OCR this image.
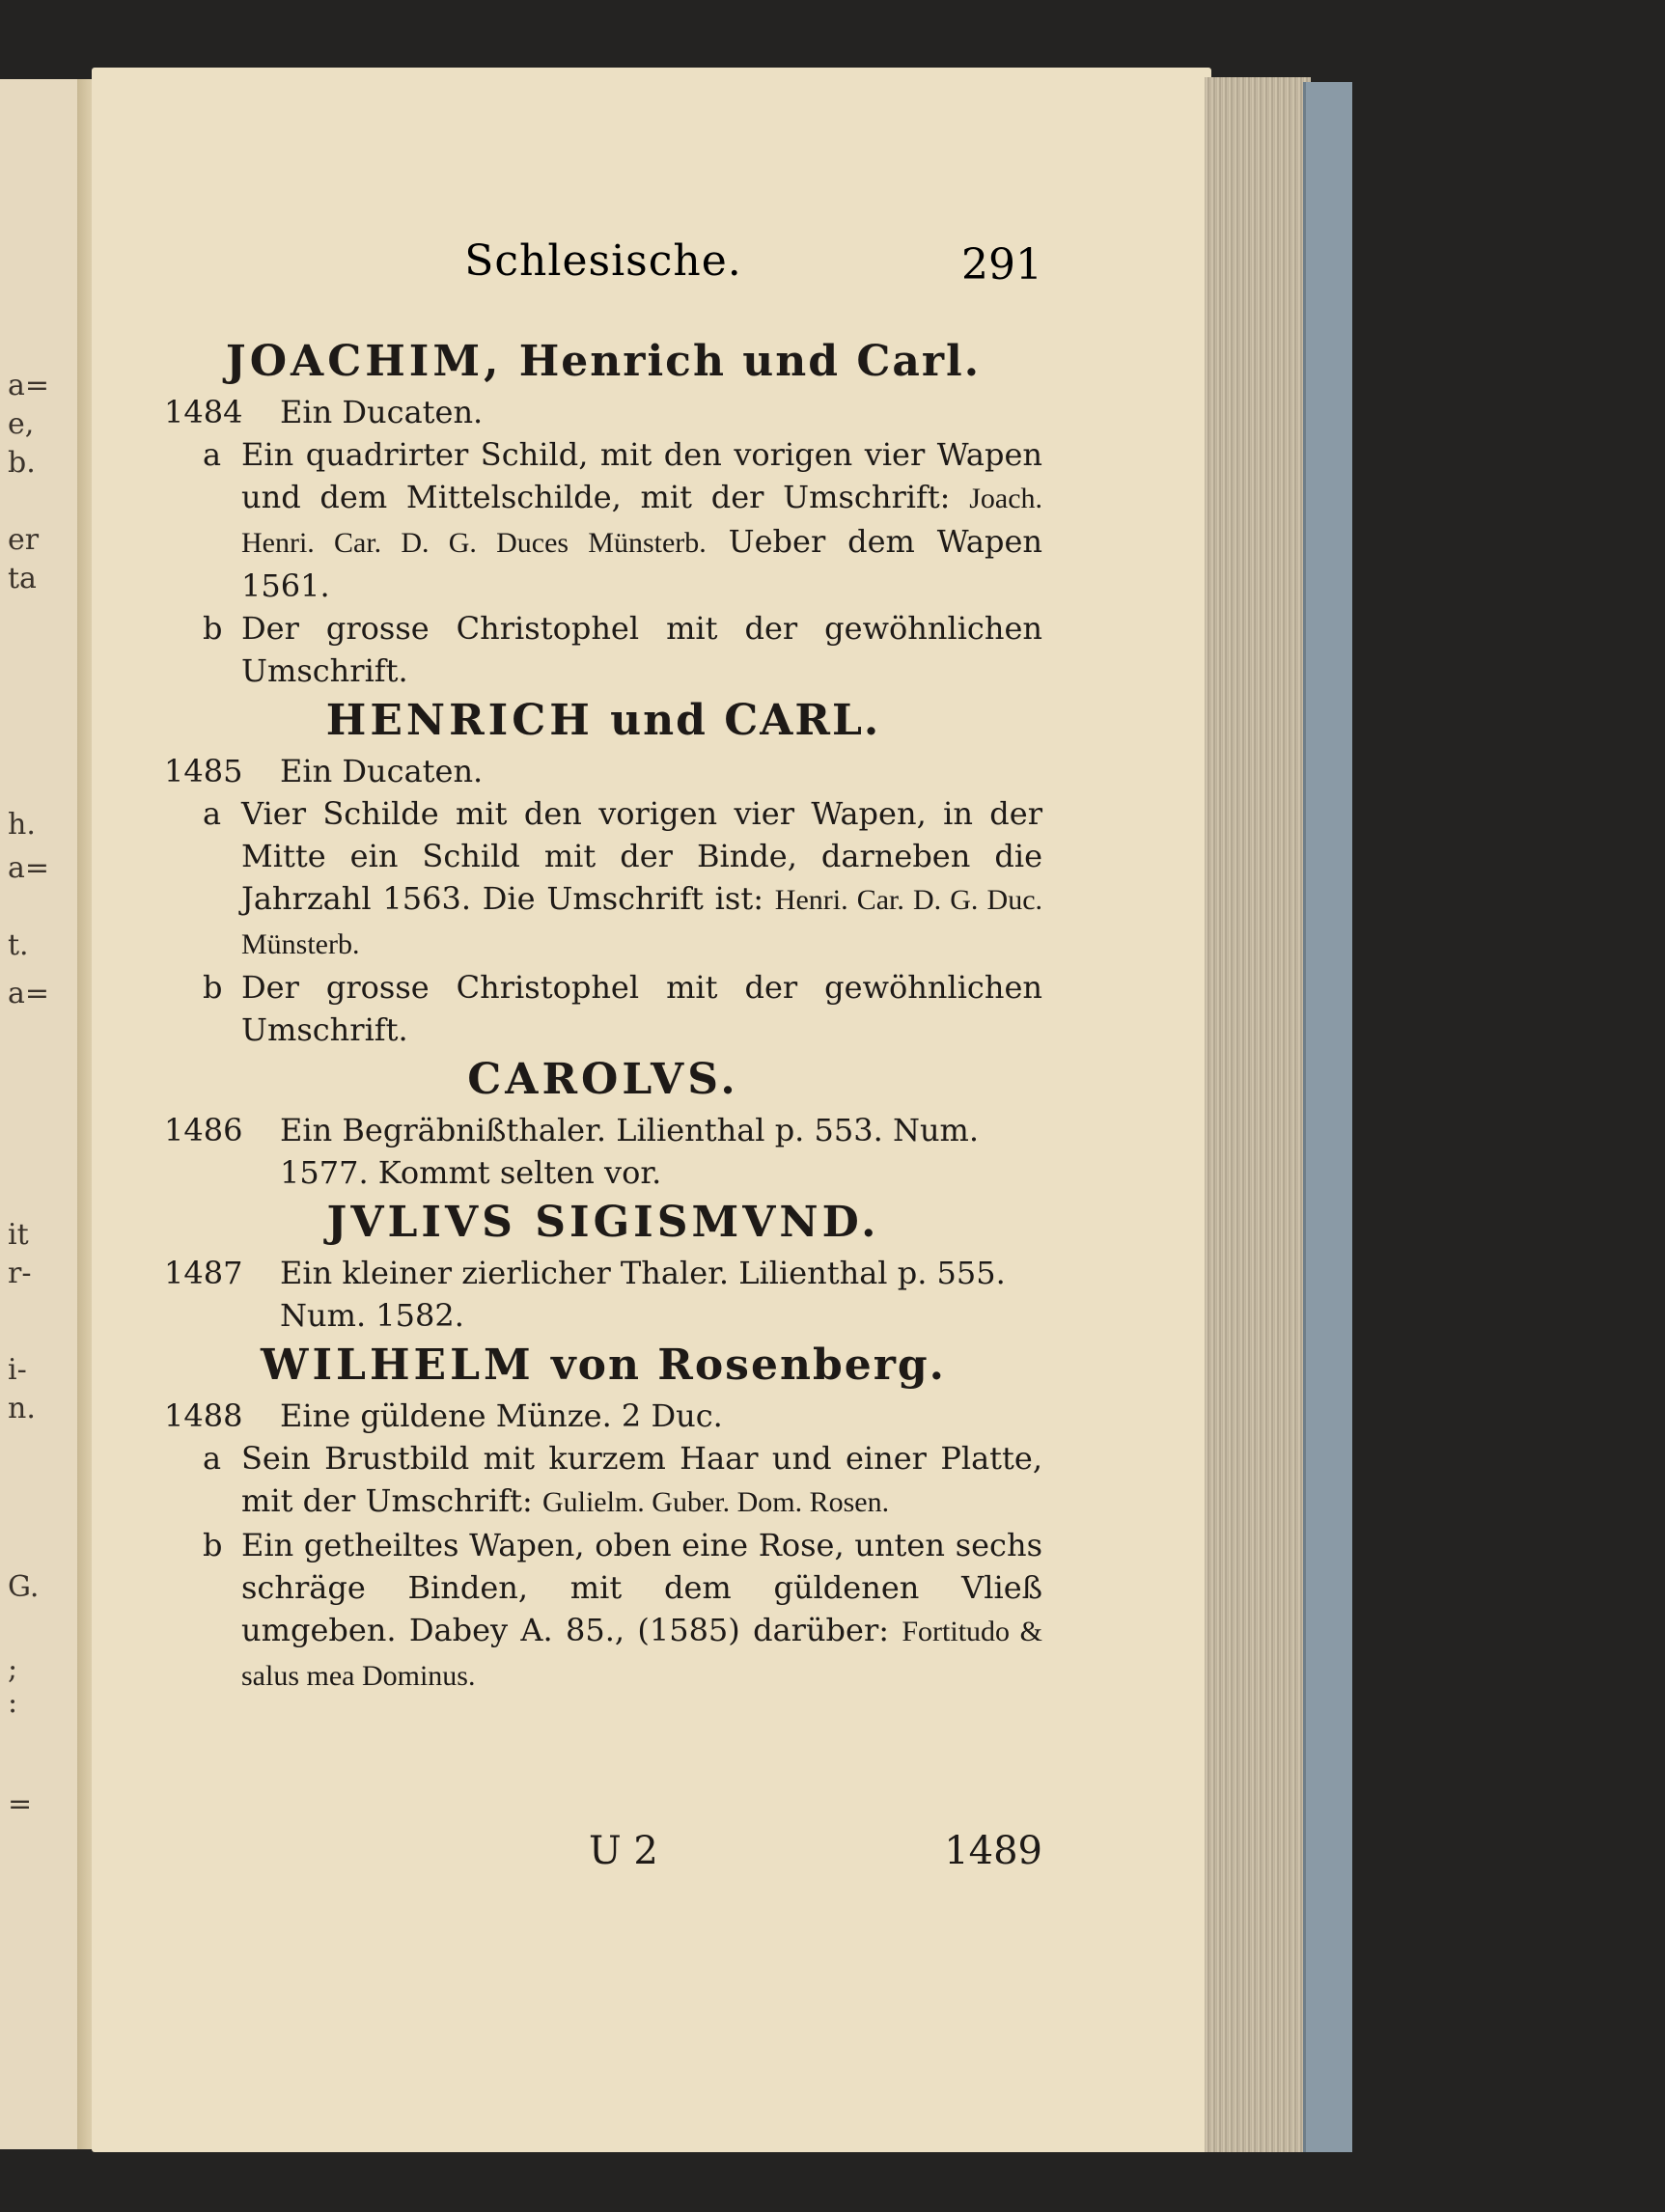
a=
e,
b.
er
ta
h.
a=
t.
a=
it
r-
i-
n.
G.
;
:
=
Schlesische.	291
JOACHIM, Henrich und Carl.
1484	Ein Ducaten.
a Ein quadrirter Schild, mit den vorigen vier Wapen und dem Mittelschilde, mit der Umschrift: Joach. Henri. Car. D. G. Duces Münsterb. Ueber dem Wapen 1561.
b Der grosse Christophel mit der gewöhnlichen Umschrift.
HENRICH und CARL.
1485	Ein Ducaten.
a Vier Schilde mit den vorigen vier Wapen, in der Mitte ein Schild mit der Binde, darneben die Jahrzahl 1563. Die Umschrift ist: Henri. Car. D. G. Duc. Münsterb.
b Der grosse Christophel mit der gewöhnlichen Umschrift.
CAROLVS.
1486	Ein Begräbnißthaler. Lilienthal p. 553. Num. 1577. Kommt selten vor.
JVLIVS SIGISMVND.
1487	Ein kleiner zierlicher Thaler. Lilienthal p. 555. Num. 1582.
WILHELM von Rosenberg.
1488	Eine güldene Münze. 2 Duc.
a Sein Brustbild mit kurzem Haar und einer Platte, mit der Umschrift: Gulielm. Guber. Dom. Rosen.
b Ein getheiltes Wapen, oben eine Rose, unten sechs schräge Binden, mit dem güldenen Vließ umgeben. Dabey A. 85., (1585) darüber: Fortitudo & salus mea Dominus.
U 2	1489
